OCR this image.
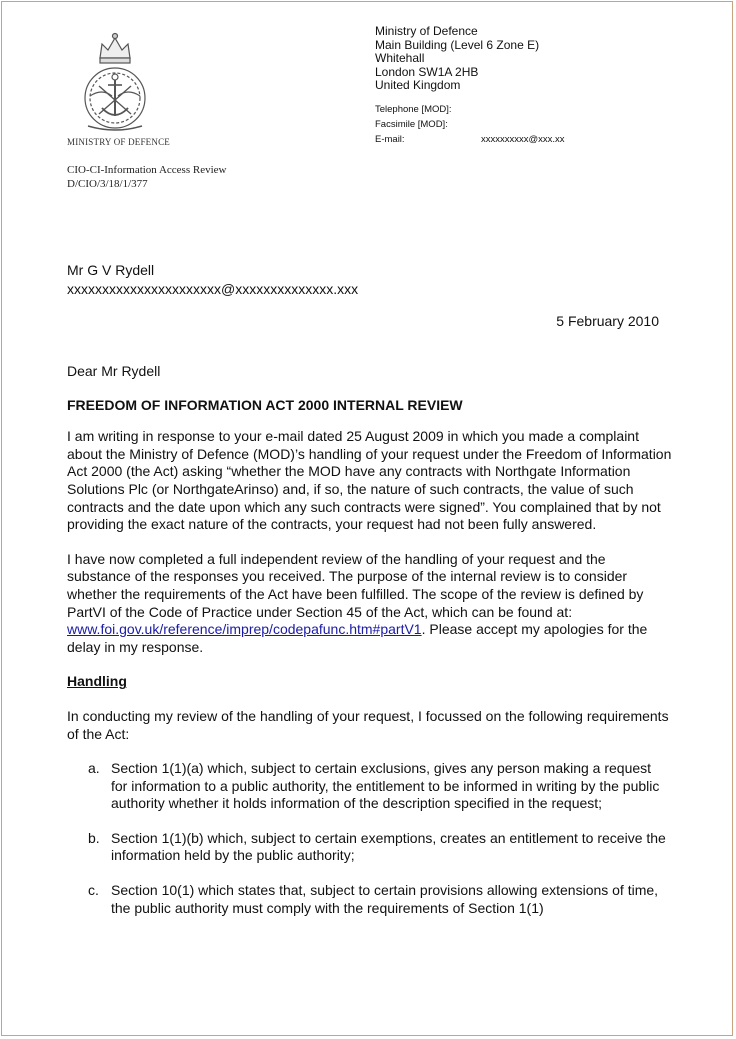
MINISTRY OF DEFENCE
Ministry of Defence
Main Building (Level 6 Zone E)
Whitehall
London SW1A 2HB
United Kingdom
Telephone [MOD]:
Facsimile [MOD]:
E-mail:	xxxxxxxxxx@xxx.xx
CIO-CI-Information Access Review
D/CIO/3/18/1/377
Mr G V Rydell
xxxxxxxxxxxxxxxxxxxxxx@xxxxxxxxxxxxxx.xxx
5 February 2010

Dear Mr Rydell

FREEDOM OF INFORMATION ACT 2000 INTERNAL REVIEW

I am writing in response to your e-mail dated 25 August 2009 in which you made a complaint about the Ministry of Defence (MOD)’s handling of your request under the Freedom of Information Act 2000 (the Act) asking “whether the MOD have any contracts with Northgate Information Solutions Plc (or NorthgateArinso) and, if so, the nature of such contracts, the value of such contracts and the date upon which any such contracts were signed”. You complained that by not providing the exact nature of the contracts, your request had not been fully answered.

I have now completed a full independent review of the handling of your request and the substance of the responses you received. The purpose of the internal review is to consider whether the requirements of the Act have been fulfilled. The scope of the review is defined by PartVI of the Code of Practice under Section 45 of the Act, which can be found at: www.foi.gov.uk/reference/imprep/codepafunc.htm#partV1. Please accept my apologies for the delay in my response.

Handling

In conducting my review of the handling of your request, I focussed on the following requirements of the Act:

a. Section 1(1)(a) which, subject to certain exclusions, gives any person making a request for information to a public authority, the entitlement to be informed in writing by the public authority whether it holds information of the description specified in the request;
b. Section 1(1)(b) which, subject to certain exemptions, creates an entitlement to receive the information held by the public authority;
c. Section 10(1) which states that, subject to certain provisions allowing extensions of time, the public authority must comply with the requirements of Section 1(1)
